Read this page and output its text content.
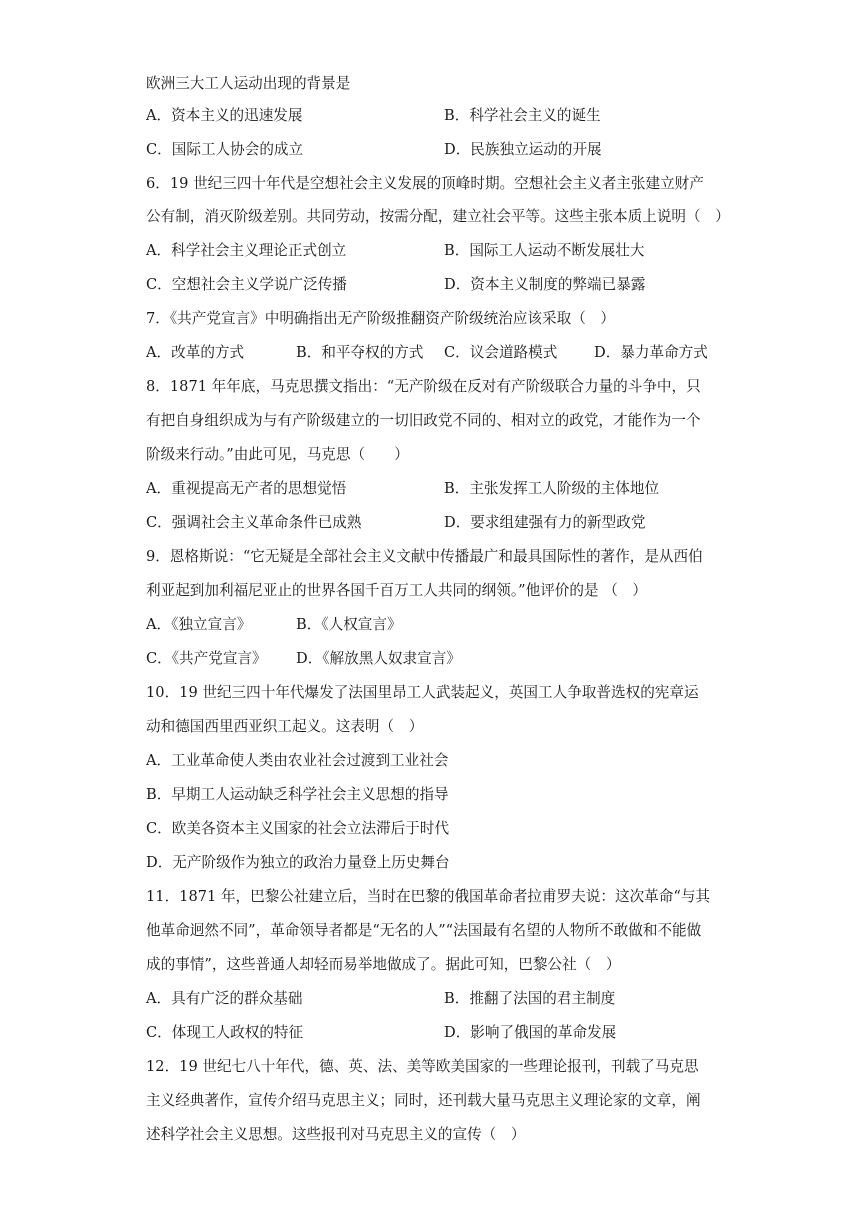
欧洲三大工人运动出现的背景是
A．资本主义的迅速发展	B．科学社会主义的诞生
C．国际工人协会的成立	D．民族独立运动的开展
6．19 世纪三四十年代是空想社会主义发展的顶峰时期。空想社会主义者主张建立财产
公有制，消灭阶级差别。共同劳动，按需分配，建立社会平等。这些主张本质上说明（　）
A．科学社会主义理论正式创立	B．国际工人运动不断发展壮大
C．空想社会主义学说广泛传播	D．资本主义制度的弊端已暴露
7．《共产党宣言》中明确指出无产阶级推翻资产阶级统治应该采取（　）
A．改革的方式	B．和平夺权的方式 C．议会道路模式	D．暴力革命方式
8．1871 年年底，马克思撰文指出：“无产阶级在反对有产阶级联合力量的斗争中，只
有把自身组织成为与有产阶级建立的一切旧政党不同的、相对立的政党，才能作为一个
阶级来行动。”由此可见，马克思（　　）
A．重视提高无产者的思想觉悟	B．主张发挥工人阶级的主体地位
C．强调社会主义革命条件已成熟	D．要求组建强有力的新型政党
9．恩格斯说：“它无疑是全部社会主义文献中传播最广和最具国际性的著作，是从西伯
利亚起到加利福尼亚止的世界各国千百万工人共同的纲领。”他评价的是 （　）
A．《独立宣言》	B．《人权宣言》
C．《共产党宣言》 D．《解放黑人奴隶宣言》
10．19 世纪三四十年代爆发了法国里昂工人武装起义，英国工人争取普选权的宪章运
动和德国西里西亚织工起义。这表明（　）
A．工业革命使人类由农业社会过渡到工业社会
B．早期工人运动缺乏科学社会主义思想的指导
C．欧美各资本主义国家的社会立法滞后于时代
D．无产阶级作为独立的政治力量登上历史舞台
11．1871 年，巴黎公社建立后，当时在巴黎的俄国革命者拉甫罗夫说：这次革命“与其
他革命迥然不同”，革命领导者都是“无名的人”“法国最有名望的人物所不敢做和不能做
成的事情”，这些普通人却轻而易举地做成了。据此可知，巴黎公社（　）
A．具有广泛的群众基础	B．推翻了法国的君主制度
C．体现工人政权的特征	D．影响了俄国的革命发展
12．19 世纪七八十年代，德、英、法、美等欧美国家的一些理论报刊，刊载了马克思
主义经典著作，宣传介绍马克思主义；同时，还刊载大量马克思主义理论家的文章，阐
述科学社会主义思想。这些报刊对马克思主义的宣传（　）
